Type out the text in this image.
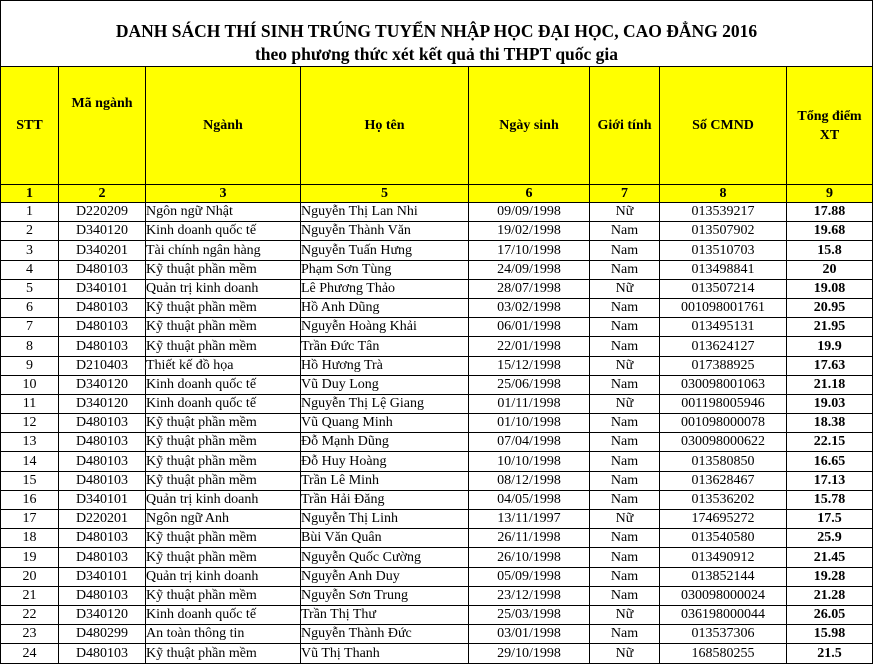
DANH SÁCH THÍ SINH TRÚNG TUYỂN NHẬP HỌC ĐẠI HỌC, CAO ĐẲNG 2016
theo phương thức xét kết quả thi THPT quốc gia
STT	Mã ngành	Ngành	Họ tên	Ngày sinh	Giới tính	Số CMND	Tổng điểm XT
1	2	3	5	6	7	8	9
1	D220209	Ngôn ngữ Nhật	Nguyễn Thị Lan Nhi	09/09/1998	Nữ	013539217	17.88
2	D340120	Kinh doanh quốc tế	Nguyễn Thành Văn	19/02/1998	Nam	013507902	19.68
3	D340201	Tài chính ngân hàng	Nguyễn Tuấn Hưng	17/10/1998	Nam	013510703	15.8
4	D480103	Kỹ thuật phần mềm	Phạm Sơn Tùng	24/09/1998	Nam	013498841	20
5	D340101	Quản trị kinh doanh	Lê Phương Thảo	28/07/1998	Nữ	013507214	19.08
6	D480103	Kỹ thuật phần mềm	Hồ Anh Dũng	03/02/1998	Nam	001098001761	20.95
7	D480103	Kỹ thuật phần mềm	Nguyễn Hoàng Khải	06/01/1998	Nam	013495131	21.95
8	D480103	Kỹ thuật phần mềm	Trần Đức Tân	22/01/1998	Nam	013624127	19.9
9	D210403	Thiết kế đồ họa	Hồ Hương Trà	15/12/1998	Nữ	017388925	17.63
10	D340120	Kinh doanh quốc tế	Vũ Duy Long	25/06/1998	Nam	030098001063	21.18
11	D340120	Kinh doanh quốc tế	Nguyễn Thị Lệ Giang	01/11/1998	Nữ	001198005946	19.03
12	D480103	Kỹ thuật phần mềm	Vũ Quang Minh	01/10/1998	Nam	001098000078	18.38
13	D480103	Kỹ thuật phần mềm	Đỗ Mạnh Dũng	07/04/1998	Nam	030098000622	22.15
14	D480103	Kỹ thuật phần mềm	Đỗ Huy Hoàng	10/10/1998	Nam	013580850	16.65
15	D480103	Kỹ thuật phần mềm	Trần Lê Minh	08/12/1998	Nam	013628467	17.13
16	D340101	Quản trị kinh doanh	Trần Hải Đăng	04/05/1998	Nam	013536202	15.78
17	D220201	Ngôn ngữ Anh	Nguyễn Thị Linh	13/11/1997	Nữ	174695272	17.5
18	D480103	Kỹ thuật phần mềm	Bùi Văn Quân	26/11/1998	Nam	013540580	25.9
19	D480103	Kỹ thuật phần mềm	Nguyễn Quốc Cường	26/10/1998	Nam	013490912	21.45
20	D340101	Quản trị kinh doanh	Nguyễn Anh Duy	05/09/1998	Nam	013852144	19.28
21	D480103	Kỹ thuật phần mềm	Nguyễn Sơn Trung	23/12/1998	Nam	030098000024	21.28
22	D340120	Kinh doanh quốc tế	Trần Thị Thư	25/03/1998	Nữ	036198000044	26.05
23	D480299	An toàn thông tin	Nguyễn Thành Đức	03/01/1998	Nam	013537306	15.98
24	D480103	Kỹ thuật phần mềm	Vũ Thị Thanh	29/10/1998	Nữ	168580255	21.5
